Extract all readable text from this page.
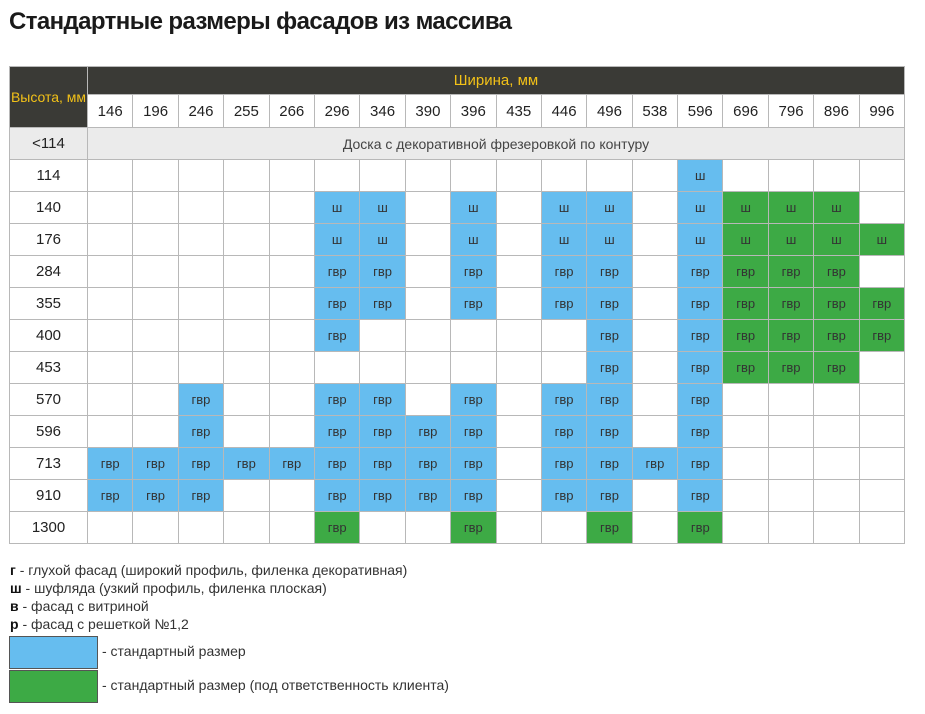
Стандартные размеры фасадов из массива
Высота, мм	Ширина, мм																	
	146	196	246	255	266	296	346	390	396	435	446	496	538	596	696	796	896	996
<114	Доска с декоративной фрезеровкой по контуру																	
114														ш				
140						ш	ш		ш		ш	ш		ш	ш	ш	ш	
176						ш	ш		ш		ш	ш		ш	ш	ш	ш	ш
284						гвр	гвр		гвр		гвр	гвр		гвр	гвр	гвр	гвр	
355						гвр	гвр		гвр		гвр	гвр		гвр	гвр	гвр	гвр	гвр
400						гвр						гвр		гвр	гвр	гвр	гвр	гвр
453												гвр		гвр	гвр	гвр	гвр	
570			гвр			гвр	гвр		гвр		гвр	гвр		гвр				
596			гвр			гвр	гвр	гвр	гвр		гвр	гвр		гвр				
713	гвр	гвр	гвр	гвр	гвр	гвр	гвр	гвр	гвр		гвр	гвр	гвр	гвр				
910	гвр	гвр	гвр			гвр	гвр	гвр	гвр		гвр	гвр		гвр				
1300						гвр			гвр			гвр		гвр				
г - глухой фасад (широкий профиль, филенка декоративная)
ш - шуфляда (узкий профиль, филенка плоская)
в - фасад с витриной
р - фасад с решеткой №1,2
- стандартный размер
- стандартный размер (под ответственность клиента)
